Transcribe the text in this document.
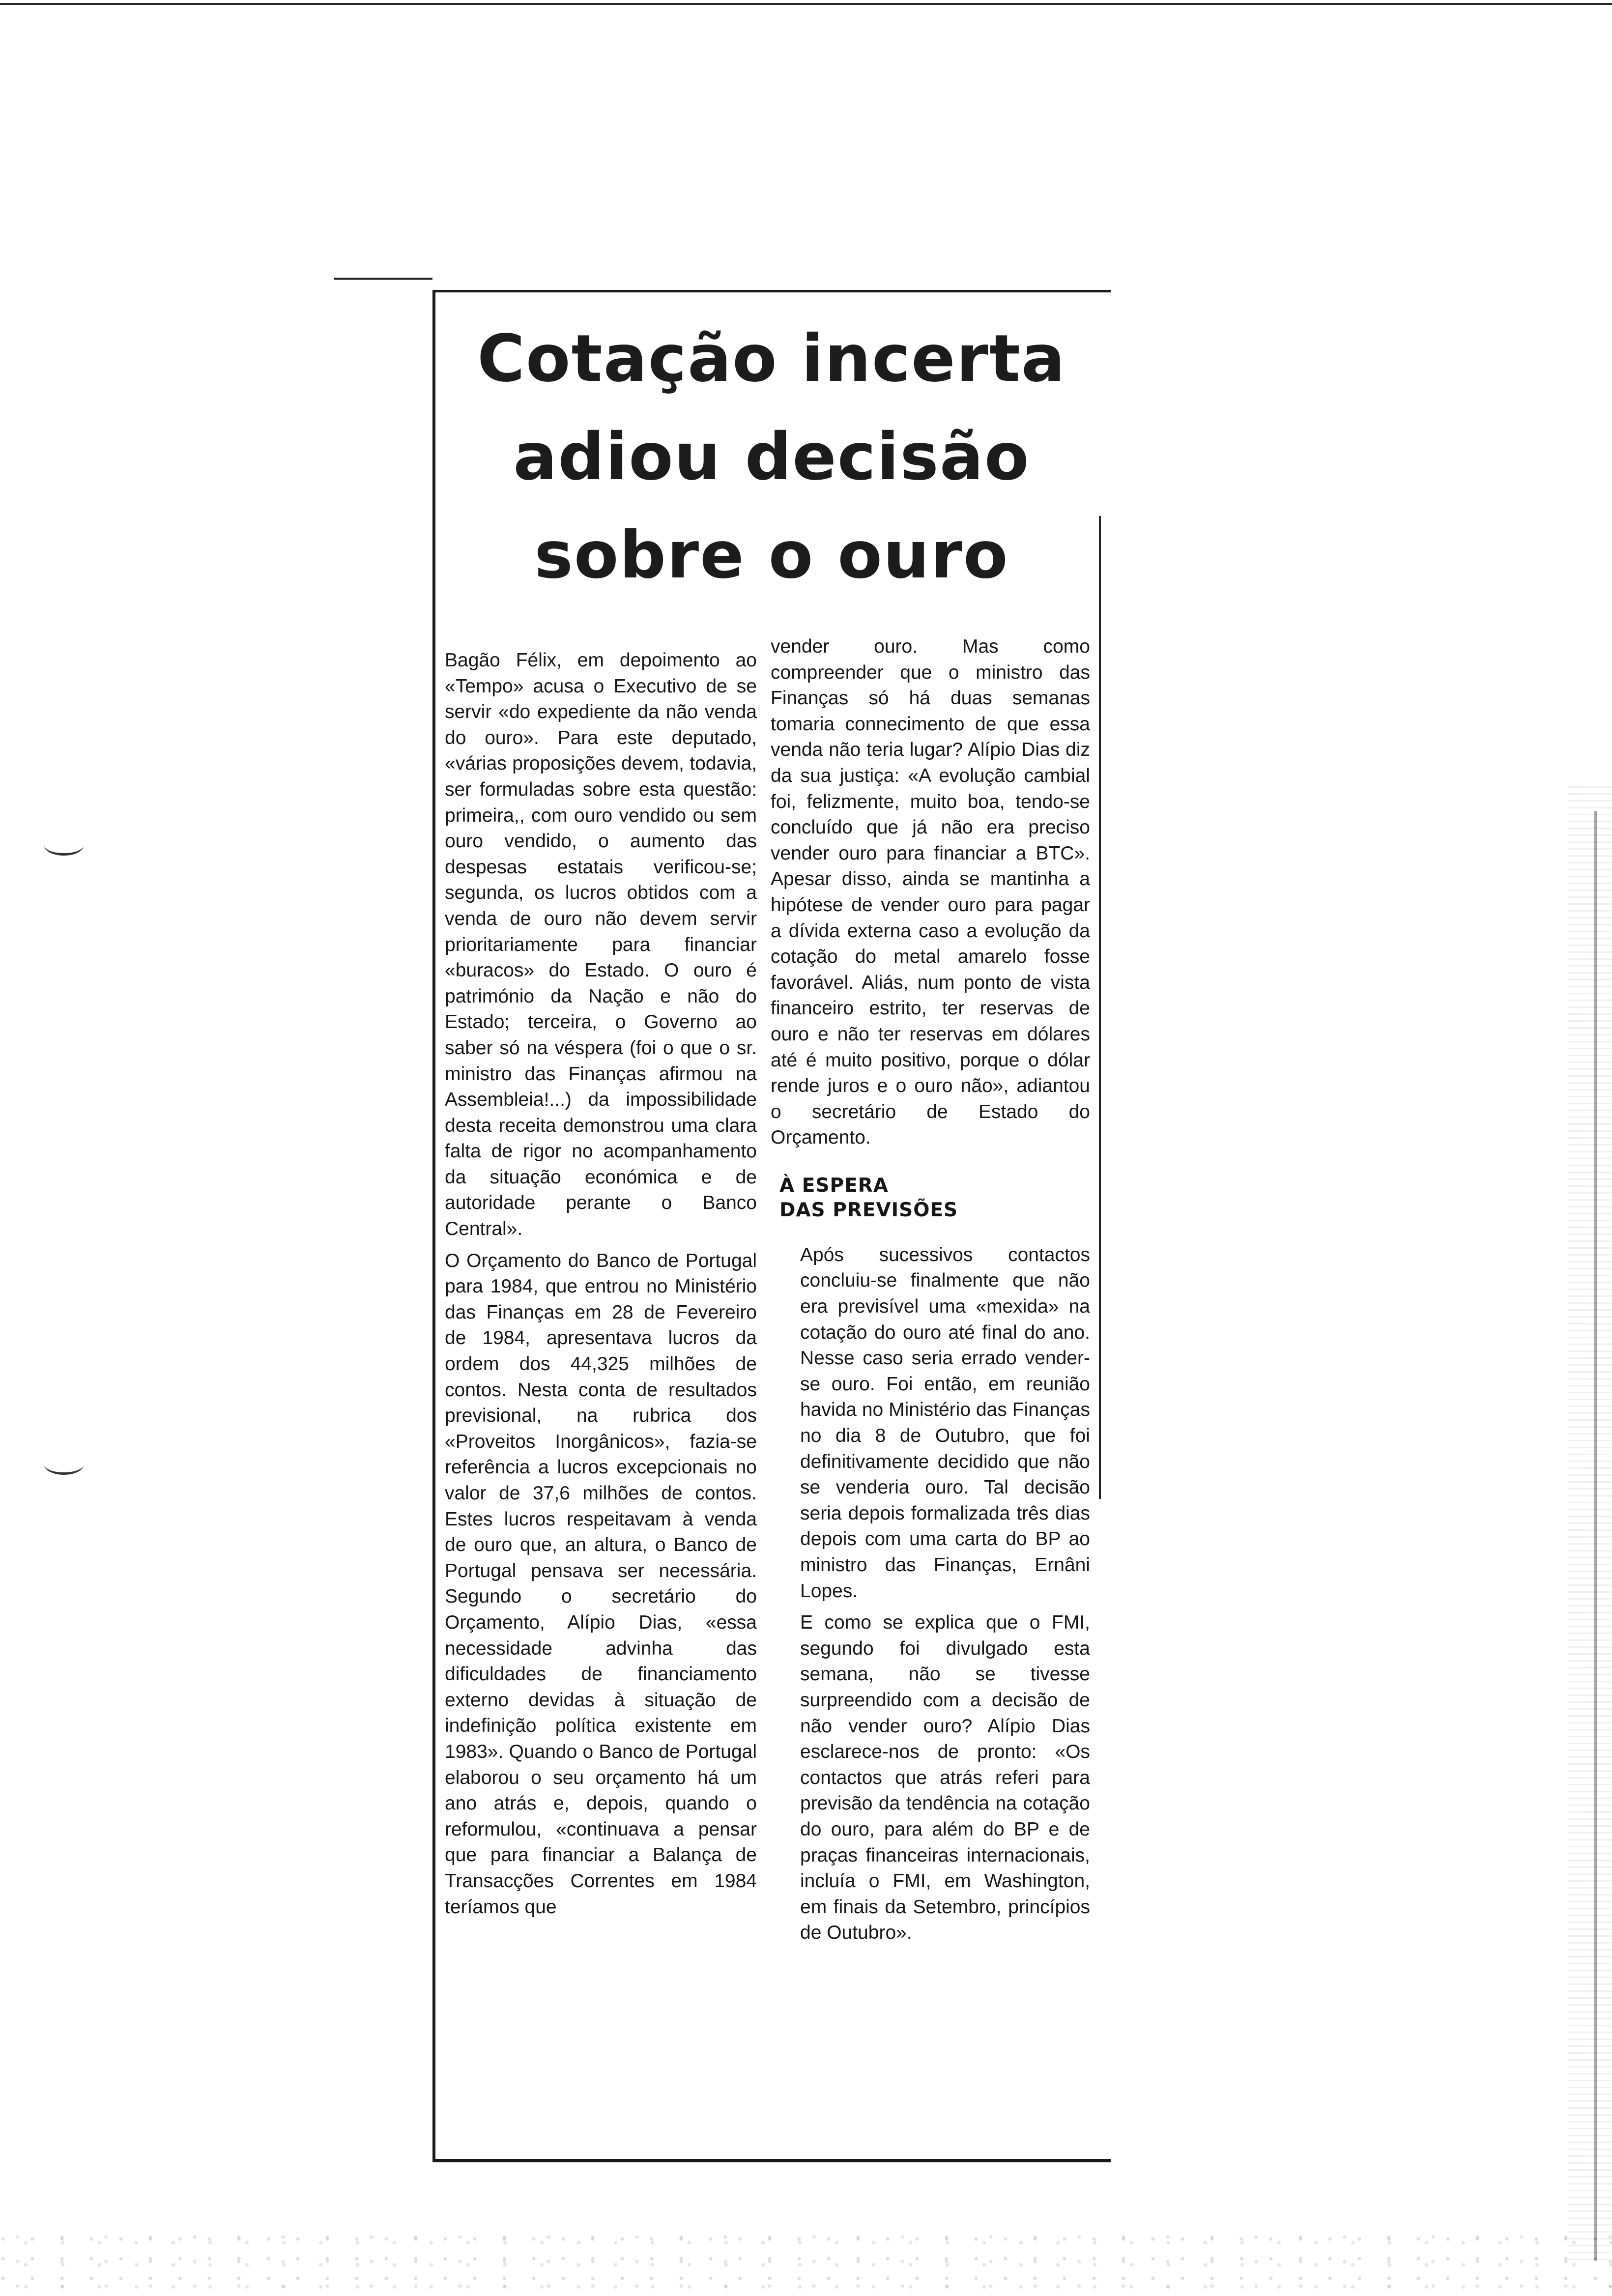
Cotação incerta
adiou decisão
sobre o ouro

Bagão Félix, em depoimento ao «Tempo» acusa o Executivo de se servir «do expediente da não venda do ouro». Para este deputado, «várias proposições devem, todavia, ser formuladas sobre esta questão: primeira,, com ouro vendido ou sem ouro vendido, o aumento das despesas estatais verificou-se; segunda, os lucros obtidos com a venda de ouro não devem servir prioritariamente para financiar «buracos» do Estado. O ouro é património da Nação e não do Estado; terceira, o Governo ao saber só na véspera (foi o que o sr. ministro das Finanças afirmou na Assembleia!...) da impossibilidade desta receita demonstrou uma clara falta de rigor no acompanhamento da situação económica e de autoridade perante o Banco Central».

O Orçamento do Banco de Portugal para 1984, que entrou no Ministério das Finanças em 28 de Fevereiro de 1984, apresentava lucros da ordem dos 44,325 milhões de contos. Nesta conta de resultados previsional, na rubrica dos «Proveitos Inorgânicos», fazia-se referência a lucros excepcionais no valor de 37,6 milhões de contos. Estes lucros respeitavam à venda de ouro que, an altura, o Banco de Portugal pensava ser necessária. Segundo o secretário do Orçamento, Alípio Dias, «essa necessidade advinha das dificuldades de financiamento externo devidas à situação de indefinição política existente em 1983». Quando o Banco de Portugal elaborou o seu orçamento há um ano atrás e, depois, quando o reformulou, «continuava a pensar que para financiar a Balança de Transacções Correntes em 1984 teríamos que

vender ouro. Mas como compreender que o ministro das Finanças só há duas semanas tomaria connecimento de que essa venda não teria lugar? Alípio Dias diz da sua justiça: «A evolução cambial foi, felizmente, muito boa, tendo-se concluído que já não era preciso vender ouro para financiar a BTC». Apesar disso, ainda se mantinha a hipótese de vender ouro para pagar a dívida externa caso a evolução da cotação do metal amarelo fosse favorável. Aliás, num ponto de vista financeiro estrito, ter reservas de ouro e não ter reservas em dólares até é muito positivo, porque o dólar rende juros e o ouro não», adiantou o secretário de Estado do Orçamento.

À ESPERA
DAS PREVISÕES

Após sucessivos contactos concluiu-se finalmente que não era previsível uma «mexida» na cotação do ouro até final do ano. Nesse caso seria errado vender-se ouro. Foi então, em reunião havida no Ministério das Finanças no dia 8 de Outubro, que foi definitivamente decidido que não se venderia ouro. Tal decisão seria depois formalizada três dias depois com uma carta do BP ao ministro das Finanças, Ernâni Lopes.

E como se explica que o FMI, segundo foi divulgado esta semana, não se tivesse surpreendido com a decisão de não vender ouro? Alípio Dias esclarece-nos de pronto: «Os contactos que atrás referi para previsão da tendência na cotação do ouro, para além do BP e de praças financeiras internacionais, incluía o FMI, em Washington, em finais da Setembro, princípios de Outubro».
